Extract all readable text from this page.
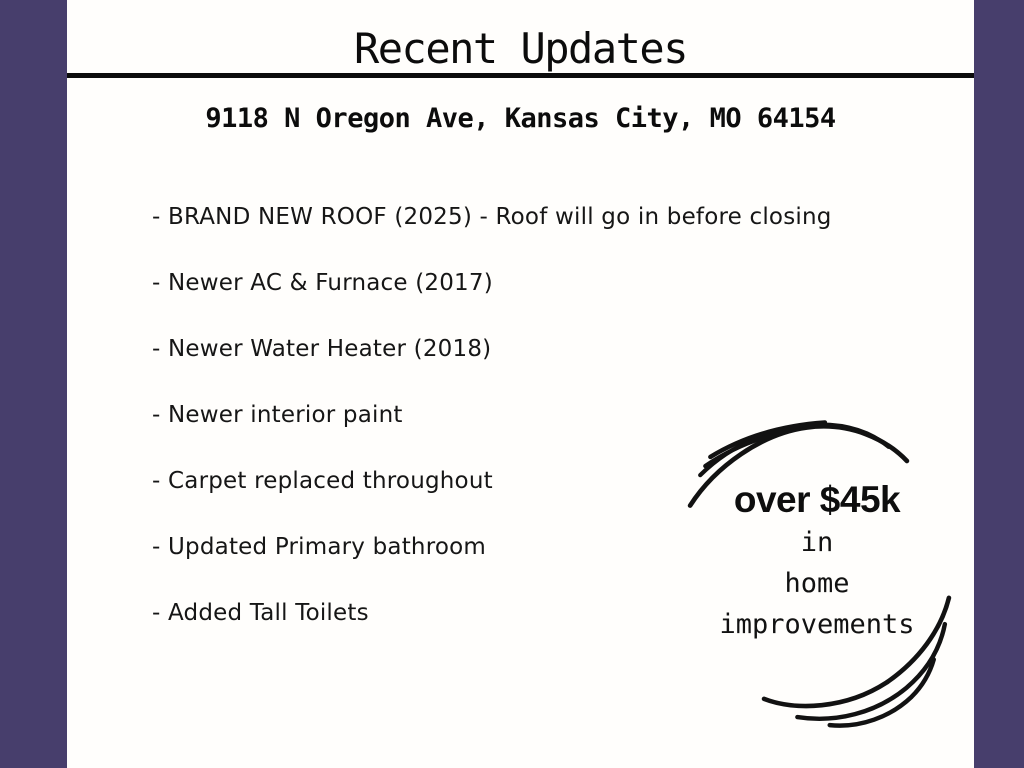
Recent Updates
9118 N Oregon Ave, Kansas City, MO 64154
- BRAND NEW ROOF (2025) - Roof will go in before closing
- Newer AC & Furnace (2017)
- Newer Water Heater (2018)
- Newer interior paint
- Carpet replaced throughout
- Updated Primary bathroom
- Added Tall Toilets
over $45k
in
home
improvements
